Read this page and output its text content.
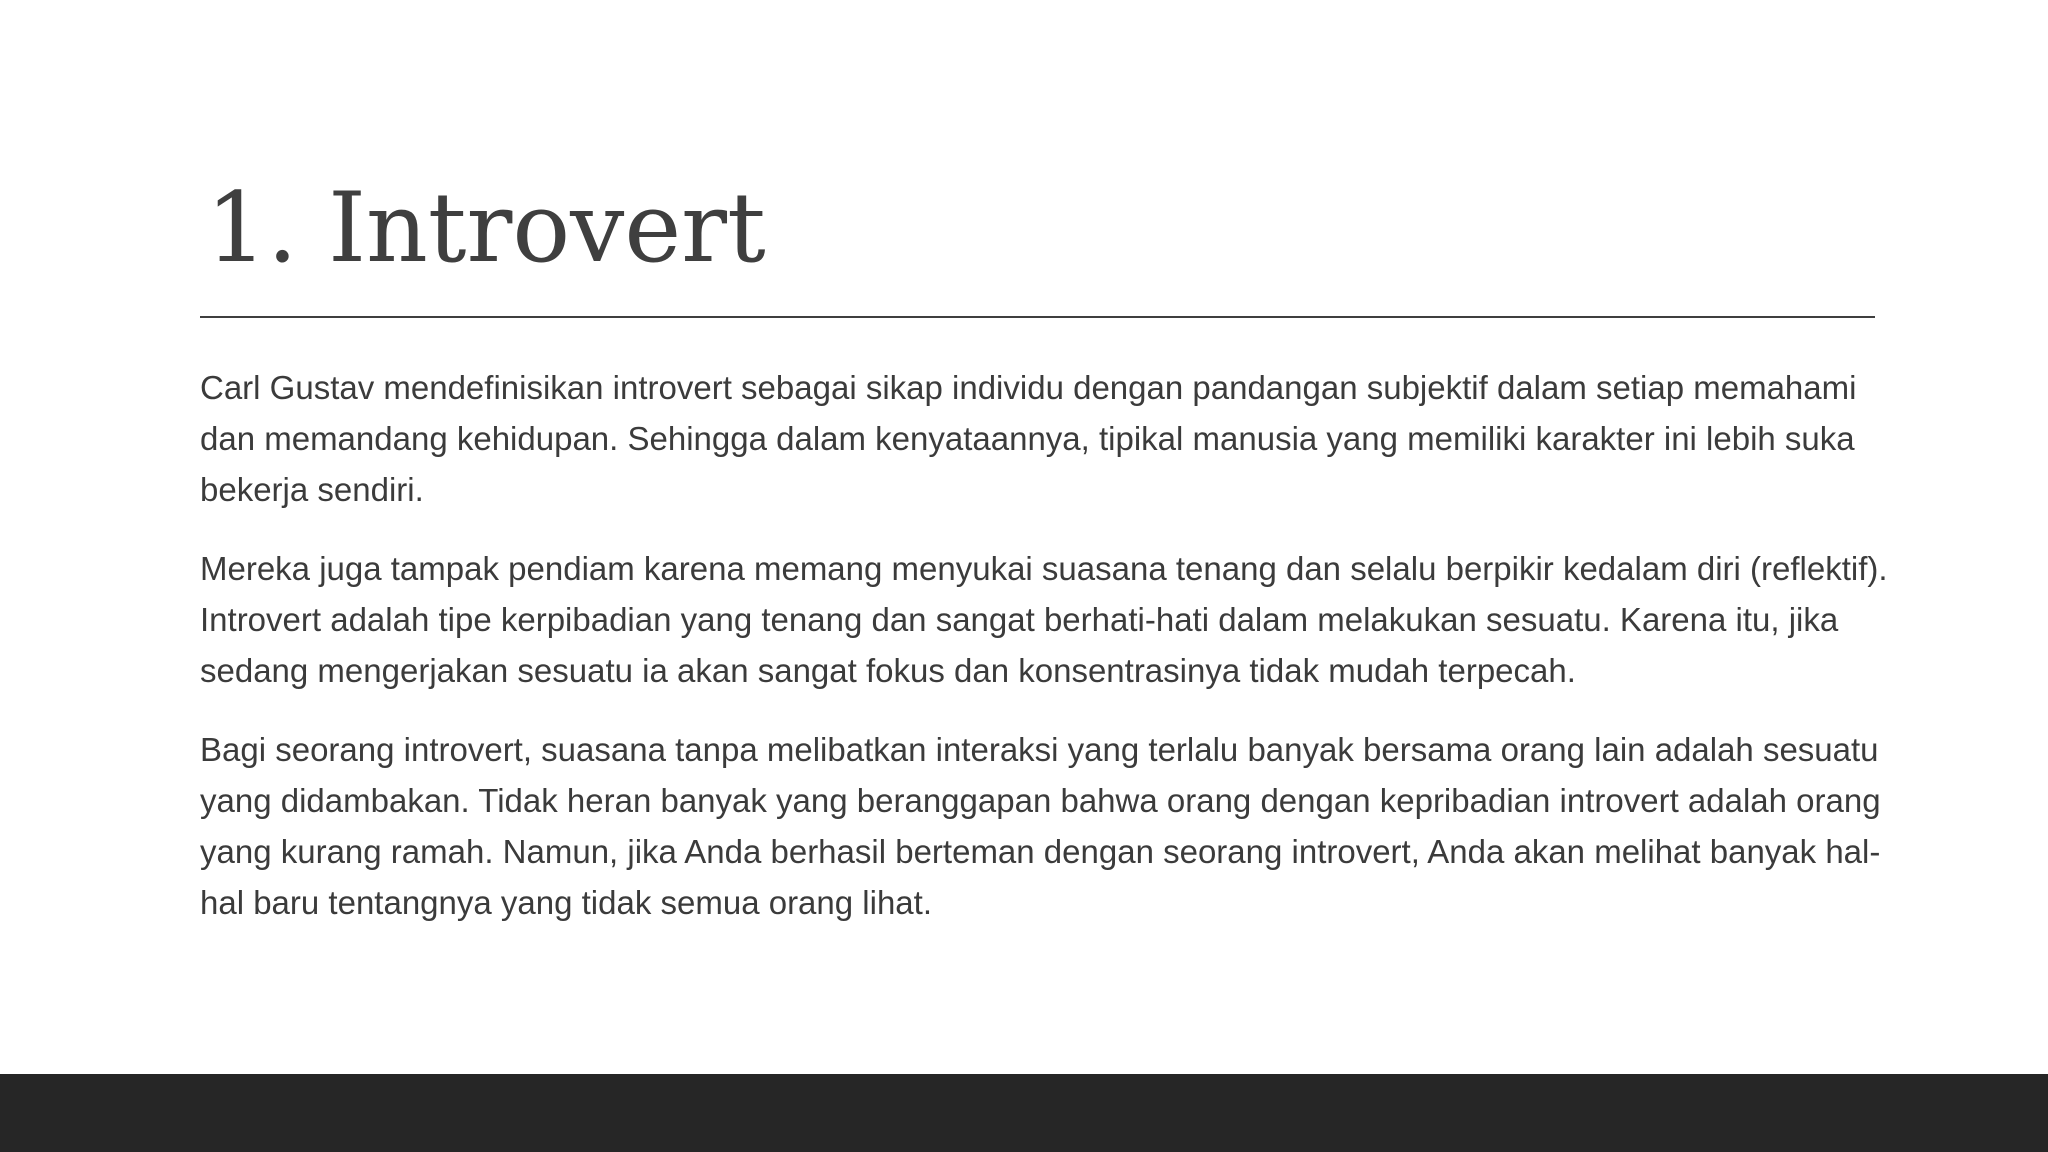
1. Introvert

Carl Gustav mendefinisikan introvert sebagai sikap individu dengan pandangan subjektif dalam setiap memahami dan memandang kehidupan. Sehingga dalam kenyataannya, tipikal manusia yang memiliki karakter ini lebih suka bekerja sendiri.

Mereka juga tampak pendiam karena memang menyukai suasana tenang dan selalu berpikir kedalam diri (reflektif). Introvert adalah tipe kerpibadian yang tenang dan sangat berhati-hati dalam melakukan sesuatu. Karena itu, jika sedang mengerjakan sesuatu ia akan sangat fokus dan konsentrasinya tidak mudah terpecah.

Bagi seorang introvert, suasana tanpa melibatkan interaksi yang terlalu banyak bersama orang lain adalah sesuatu yang didambakan. Tidak heran banyak yang beranggapan bahwa orang dengan kepribadian introvert adalah orang yang kurang ramah. Namun, jika Anda berhasil berteman dengan seorang introvert, Anda akan melihat banyak hal-hal baru tentangnya yang tidak semua orang lihat.
